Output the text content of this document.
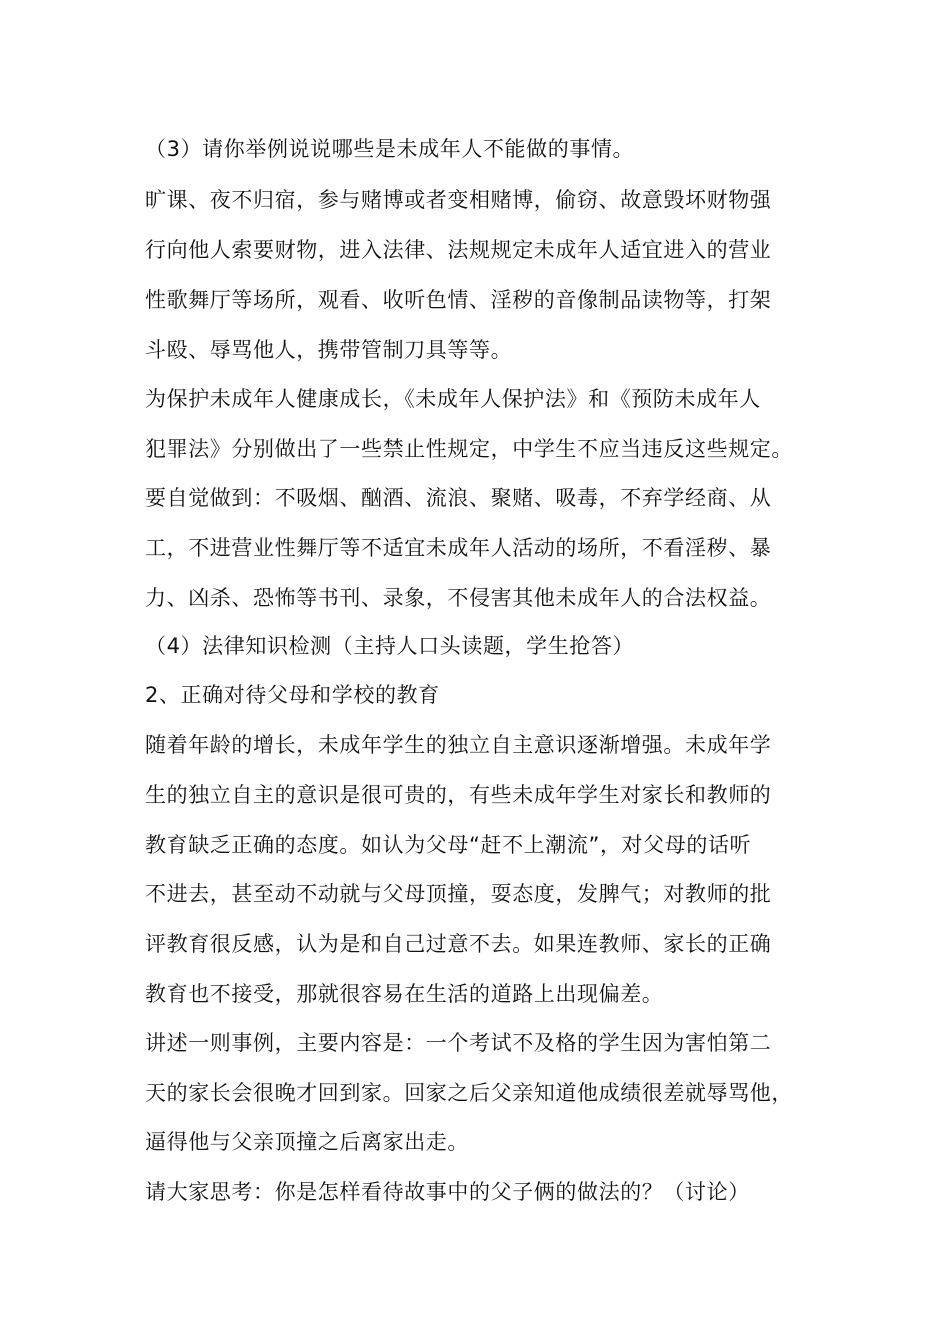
（3）请你举例说说哪些是未成年人不能做的事情。
旷课、夜不归宿，参与赌博或者变相赌博，偷窃、故意毁坏财物强
行向他人索要财物，进入法律、法规规定未成年人适宜进入的营业
性歌舞厅等场所，观看、收听色情、淫秽的音像制品读物等，打架
斗殴、辱骂他人，携带管制刀具等等。
为保护未成年人健康成长，《未成年人保护法》和《预防未成年人
犯罪法》分别做出了一些禁止性规定，中学生不应当违反这些规定。
要自觉做到：不吸烟、酗酒、流浪、聚赌、吸毒，不弃学经商、从
工，不进营业性舞厅等不适宜未成年人活动的场所，不看淫秽、暴
力、凶杀、恐怖等书刊、录象，不侵害其他未成年人的合法权益。
（4）法律知识检测（主持人口头读题，学生抢答）
2、正确对待父母和学校的教育
随着年龄的增长，未成年学生的独立自主意识逐渐增强。未成年学
生的独立自主的意识是很可贵的，有些未成年学生对家长和教师的
教育缺乏正确的态度。如认为父母“赶不上潮流”，对父母的话听
不进去，甚至动不动就与父母顶撞，耍态度，发脾气；对教师的批
评教育很反感，认为是和自己过意不去。如果连教师、家长的正确
教育也不接受，那就很容易在生活的道路上出现偏差。
讲述一则事例，主要内容是：一个考试不及格的学生因为害怕第二
天的家长会很晚才回到家。回家之后父亲知道他成绩很差就辱骂他，
逼得他与父亲顶撞之后离家出走。
请大家思考：你是怎样看待故事中的父子俩的做法的？（讨论）
